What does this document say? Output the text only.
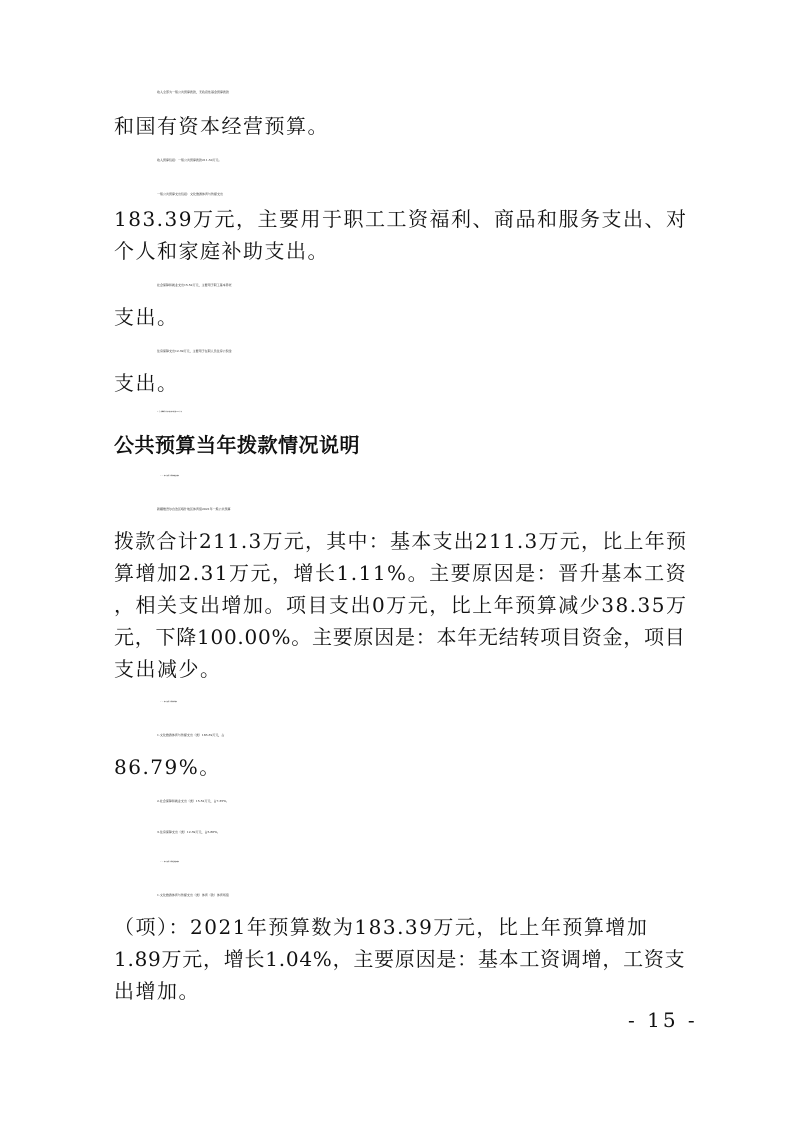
收入全部为一般公共预算拨款，无政府性基金预算拨款
和国有资本经营预算。
收入预算包括：一般公共预算拨款211.30万元。
一般公共预算支出包括：文化旅游体育与传媒支出
183.39万元，主要用于职工工资福利、商品和服务支出、对
个人和家庭补助支出。
社会保障和就业支出15.52万元，主要用于职工基本养老
支出。
住房保障支出12.39万元，主要用于在职人员住房公积金
支出。
五、关于新疆维吾尔自治区喀什地区体育馆2021年一般
公共预算当年拨款情况说明
（一）一般公共预算当年拨款规模变化情况
新疆维吾尔自治区喀什地区体育馆2021年一般公共预算
拨款合计211.3万元，其中：基本支出211.3万元，比上年预
算增加2.31万元，增长1.11%。主要原因是：晋升基本工资
，相关支出增加。项目支出0万元，比上年预算减少38.35万
元，下降100.00%。主要原因是：本年无结转项目资金，项目
支出减少。
（二）一般公共预算当年拨款结构情况
1.文化旅游体育与传媒支出（类）183.39万元，占
86.79%。
2.社会保障和就业支出（类）15.52万元，占7.35%。
3.住房保障支出（类）12.39万元，占5.86%。
（三）一般公共预算当年拨款具体使用情况
1.文化旅游体育与传媒支出（类）体育（款）体育场馆
（项）：2021年预算数为183.39万元，比上年预算增加
1.89万元，增长1.04%，主要原因是：基本工资调增，工资支
出增加。
- 15 -
